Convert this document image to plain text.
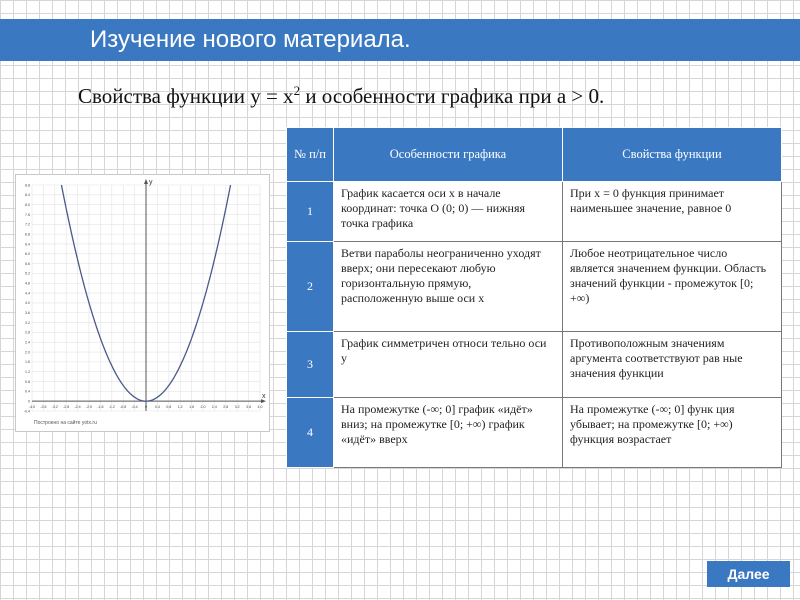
Изучение нового материала.
Свойства функции $y = x^2$ и особенности графика при a > 0.
x
y
-4.0 -3.6 -3.2 -2.8 -2.4 -2.0 -1.6 -1.2 -0.8 -0.4 0 0.4 0.8 1.2 1.6 2.0 2.4 2.8 3.2 3.6 4.0
8.8
8.4
8.0
7.6
7.2
6.8
6.4
6.0
5.6
5.2
4.8
4.4
4.0
3.6
3.2
2.8
2.4
2.0
1.6
1.2
0.8
0.4
0
-0.4
Построено на сайте yotx.ru
№ п/п	Особенности графика	Свойства функции
1	График касается оси x в начале координат: точка O (0; 0) — нижняя точка графика	При x = 0 функция принимает наименьшее значение, равное 0
2	Ветви параболы неограниченно уходят вверх; они пересекают любую горизонтальную прямую, расположенную выше оси x	Любое неотрицательное число является значением функции. Область значений функции - промежуток [0; +∞)
3	График симметричен относи тельно оси y	Противоположным значениям аргумента соответствуют рав ные значения функции
4	На промежутке (-∞; 0] график «идёт» вниз; на промежутке [0; +∞) график «идёт» вверх	На промежутке (-∞; 0] функ ция убывает; на промежутке [0; +∞) функция возрастает
Далее
